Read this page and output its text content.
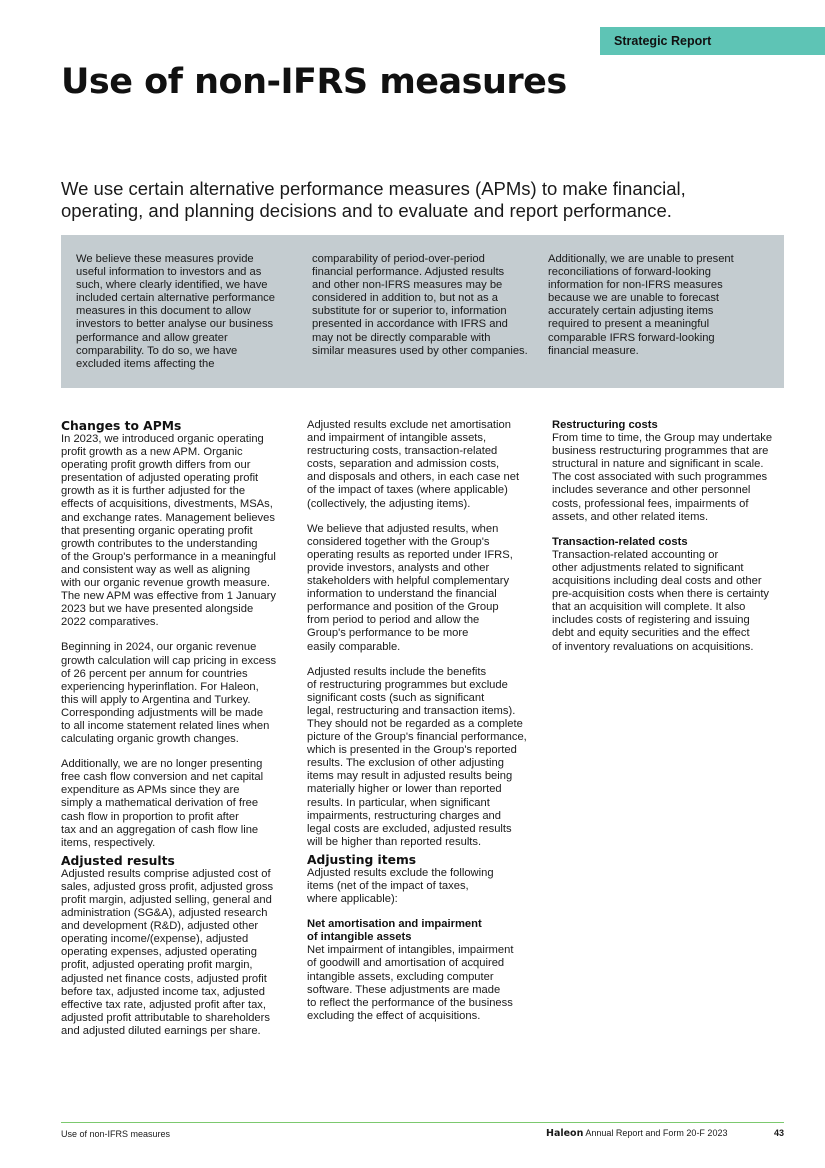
Strategic Report
Use of non-IFRS measures

We use certain alternative performance measures (APMs) to make financial,

operating, and planning decisions and to evaluate and report performance.

We believe these measures provide

useful information to investors and as

such, where clearly identified, we have

included certain alternative performance

measures in this document to allow

investors to better analyse our business

performance and allow greater

comparability. To do so, we have

excluded items affecting the

comparability of period-over-period

financial performance. Adjusted results

and other non-IFRS measures may be

considered in addition to, but not as a

substitute for or superior to, information

presented in accordance with IFRS and

may not be directly comparable with

similar measures used by other companies.

Additionally, we are unable to present

reconciliations of forward-looking

information for non-IFRS measures

because we are unable to forecast

accurately certain adjusting items

required to present a meaningful

comparable IFRS forward-looking

financial measure.

Changes to APMs

In 2023, we introduced organic operating

profit growth as a new APM. Organic

operating profit growth differs from our

presentation of adjusted operating profit

growth as it is further adjusted for the

effects of acquisitions, divestments, MSAs,

and exchange rates. Management believes

that presenting organic operating profit

growth contributes to the understanding

of the Group's performance in a meaningful

and consistent way as well as aligning

with our organic revenue growth measure.

The new APM was effective from 1 January

2023 but we have presented alongside

2022 comparatives.

Beginning in 2024, our organic revenue

growth calculation will cap pricing in excess

of 26 percent per annum for countries

experiencing hyperinflation. For Haleon,

this will apply to Argentina and Turkey.

Corresponding adjustments will be made

to all income statement related lines when

calculating organic growth changes.

Additionally, we are no longer presenting

free cash flow conversion and net capital

expenditure as APMs since they are

simply a mathematical derivation of free

cash flow in proportion to profit after

tax and an aggregation of cash flow line

items, respectively.

Adjusted results

Adjusted results comprise adjusted cost of

sales, adjusted gross profit, adjusted gross

profit margin, adjusted selling, general and

administration (SG&A), adjusted research

and development (R&D), adjusted other

operating income/(expense), adjusted

operating expenses, adjusted operating

profit, adjusted operating profit margin,

adjusted net finance costs, adjusted profit

before tax, adjusted income tax, adjusted

effective tax rate, adjusted profit after tax,

adjusted profit attributable to shareholders

and adjusted diluted earnings per share.

Adjusted results exclude net amortisation

and impairment of intangible assets,

restructuring costs, transaction-related

costs, separation and admission costs,

and disposals and others, in each case net

of the impact of taxes (where applicable)

(collectively, the adjusting items).

We believe that adjusted results, when

considered together with the Group's

operating results as reported under IFRS,

provide investors, analysts and other

stakeholders with helpful complementary

information to understand the financial

performance and position of the Group

from period to period and allow the

Group's performance to be more

easily comparable.

Adjusted results include the benefits

of restructuring programmes but exclude

significant costs (such as significant

legal, restructuring and transaction items).

They should not be regarded as a complete

picture of the Group's financial performance,

which is presented in the Group's reported

results. The exclusion of other adjusting

items may result in adjusted results being

materially higher or lower than reported

results. In particular, when significant

impairments, restructuring charges and

legal costs are excluded, adjusted results

will be higher than reported results.

Adjusting items

Adjusted results exclude the following

items (net of the impact of taxes,

where applicable):

Net amortisation and impairment

of intangible assets

Net impairment of intangibles, impairment

of goodwill and amortisation of acquired

intangible assets, excluding computer

software. These adjustments are made

to reflect the performance of the business

excluding the effect of acquisitions.

Restructuring costs

From time to time, the Group may undertake

business restructuring programmes that are

structural in nature and significant in scale.

The cost associated with such programmes

includes severance and other personnel

costs, professional fees, impairments of

assets, and other related items.

Transaction-related costs

Transaction-related accounting or

other adjustments related to significant

acquisitions including deal costs and other

pre-acquisition costs when there is certainty

that an acquisition will complete. It also

includes costs of registering and issuing

debt and equity securities and the effect

of inventory revaluations on acquisitions.

Use of non-IFRS measures	Haleon Annual Report and Form 20-F 2023	43
